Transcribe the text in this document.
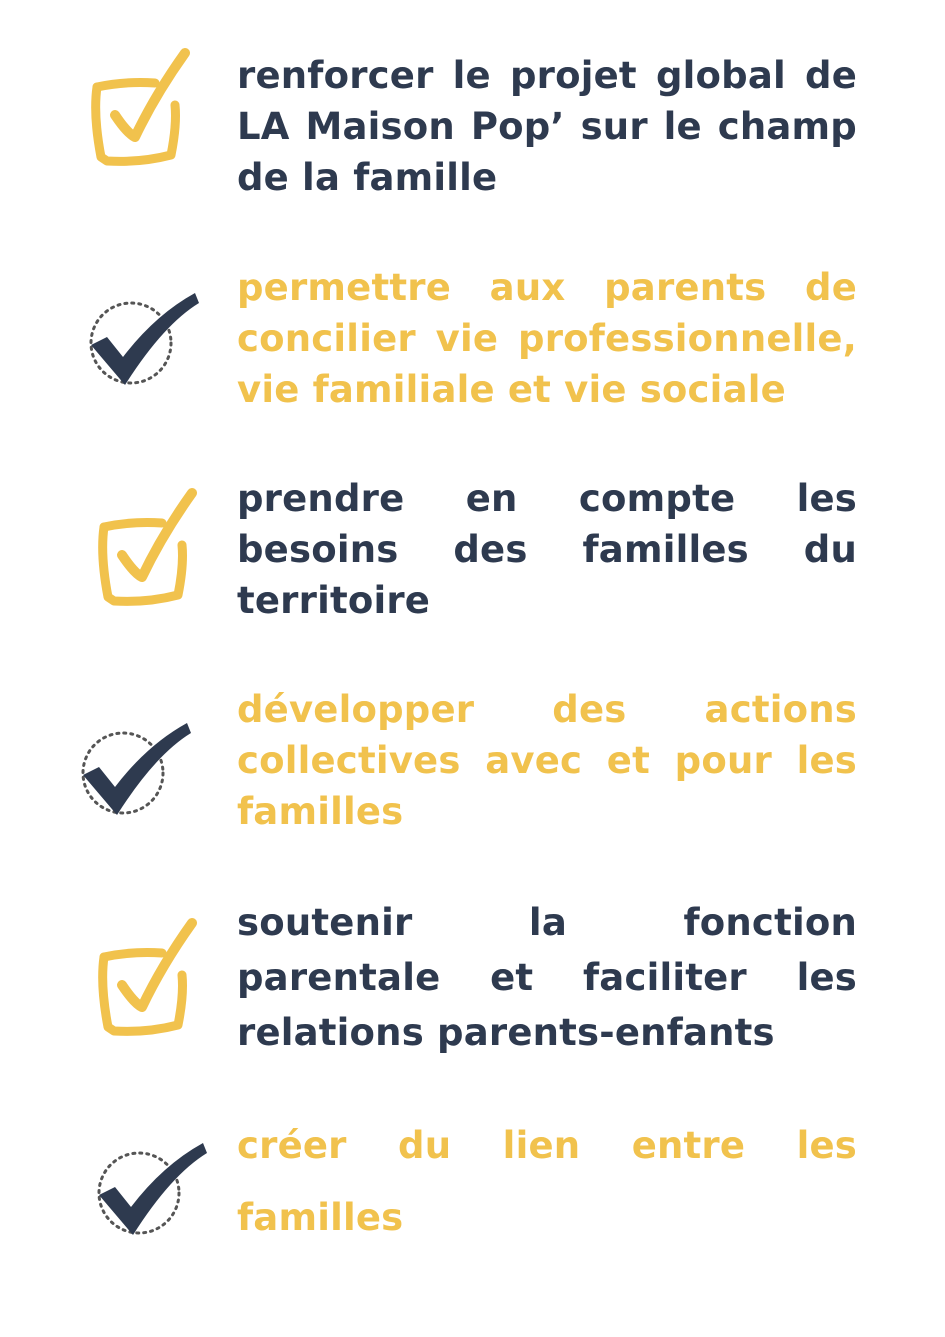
renforcer le projet global de LA Maison Pop’ sur le champ de la famille
permettre aux parents de concilier vie professionnelle, vie familiale et vie sociale
prendre en compte les besoins des familles du territoire
développer des actions collectives avec et pour les familles
soutenir la fonction parentale et faciliter les relations parents-enfants
créer du lien entre les familles
